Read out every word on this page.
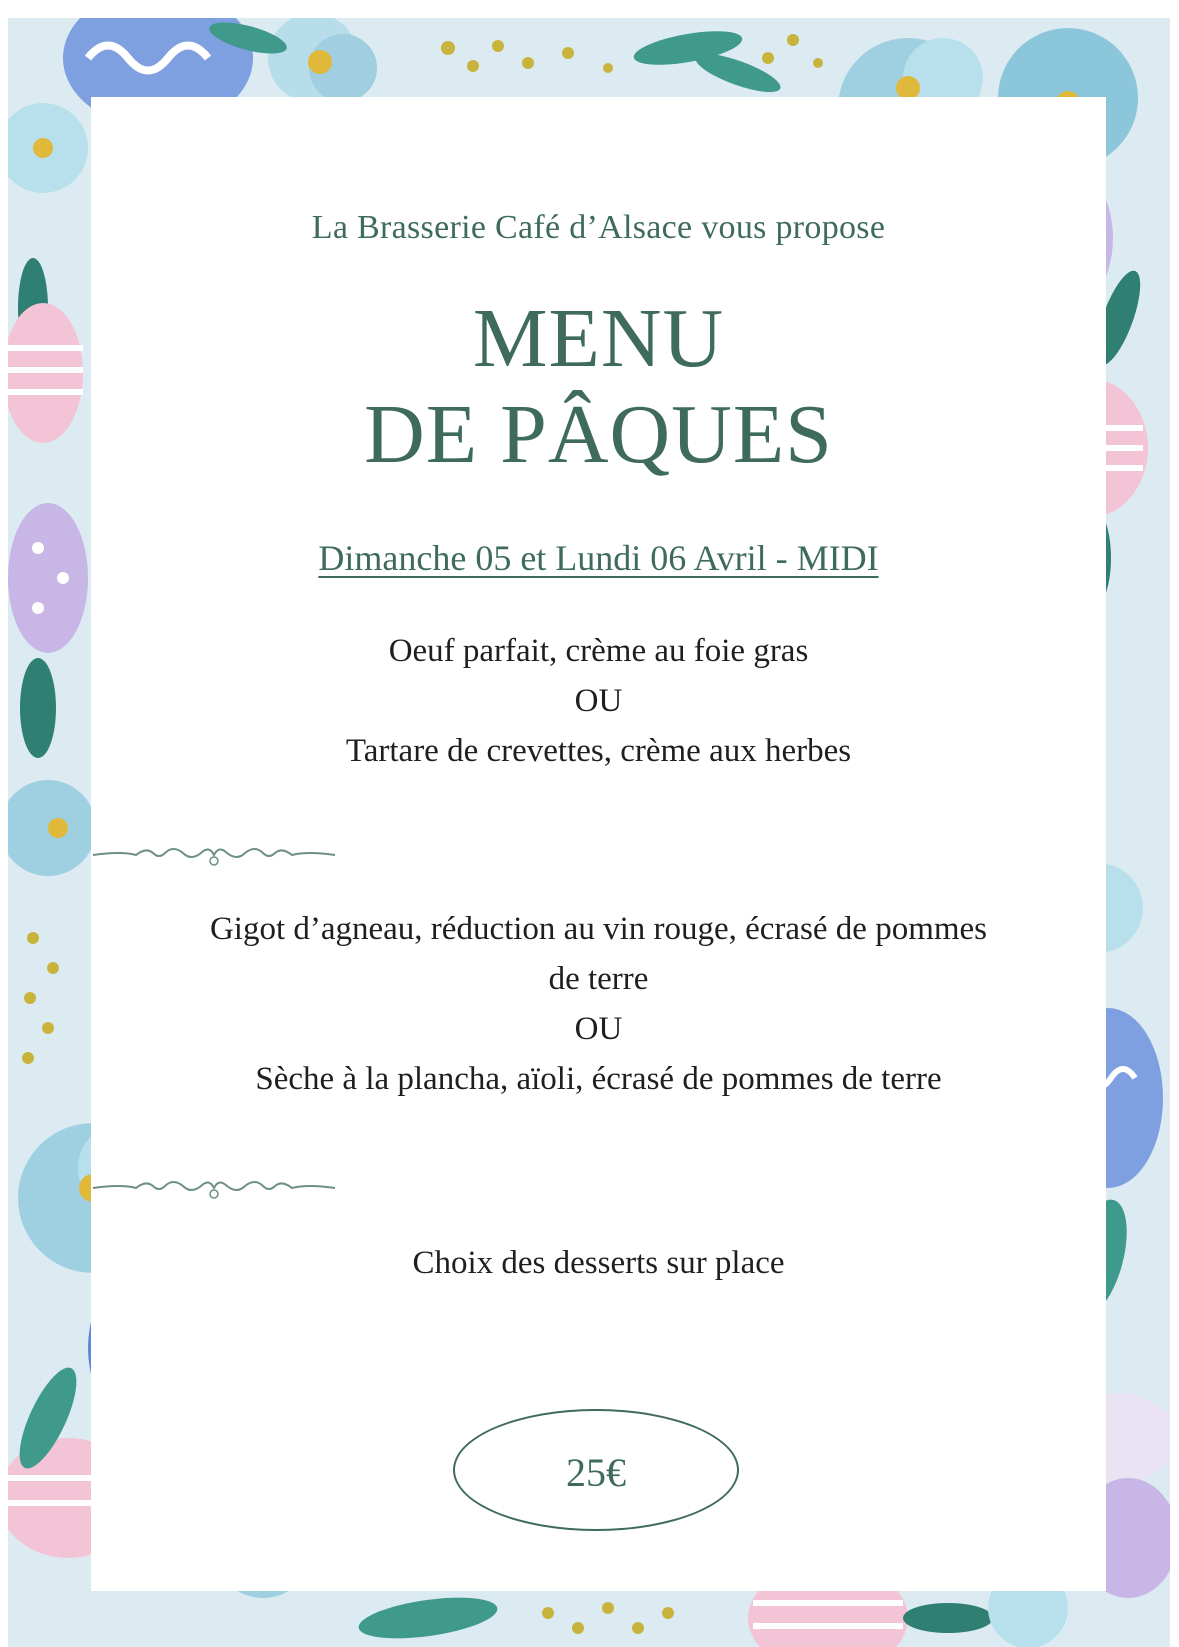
La Brasserie Café d’Alsace vous propose
MENU
DE PÂQUES
Dimanche 05 et Lundi 06 Avril - MIDI
Oeuf parfait, crème au foie gras
OU
Tartare de crevettes, crème aux herbes
Gigot d’agneau, réduction au vin rouge, écrasé de pommes
de terre
OU
Sèche à la plancha, aïoli, écrasé de pommes de terre
Choix des desserts sur place
25€
